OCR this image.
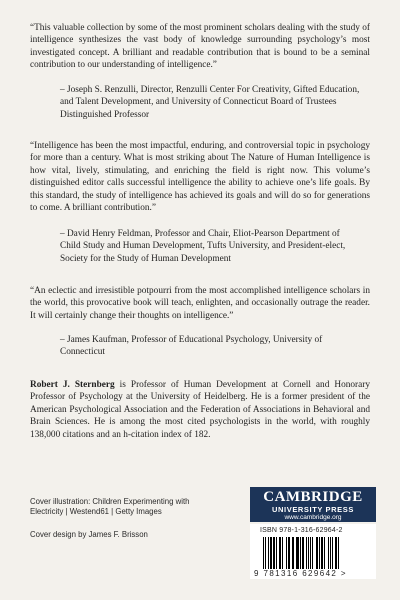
“This valuable collection by some of the most prominent scholars dealing with the study of intelligence synthesizes the vast body of knowledge surrounding psychology’s most investigated concept. A brilliant and readable contribution that is bound to be a seminal contribution to our understanding of intelligence.”
– Joseph S. Renzulli, Director, Renzulli Center For Creativity, Gifted Education, and Talent Development, and University of Connecticut Board of Trustees Distinguished Professor
“Intelligence has been the most impactful, enduring, and controversial topic in psychology for more than a century. What is most striking about The Nature of Human Intelligence is how vital, lively, stimulating, and enriching the field is right now. This volume’s distinguished editor calls successful intelligence the ability to achieve one’s life goals. By this standard, the study of intelligence has achieved its goals and will do so for generations to come. A brilliant contribution.”
– David Henry Feldman, Professor and Chair, Eliot-Pearson Department of Child Study and Human Development, Tufts University, and President-elect, Society for the Study of Human Development
“An eclectic and irresistible potpourri from the most accomplished intelligence scholars in the world, this provocative book will teach, enlighten, and occasionally outrage the reader. It will certainly change their thoughts on intelligence.”
– James Kaufman, Professor of Educational Psychology, University of Connecticut
Robert J. Sternberg is Professor of Human Development at Cornell and Honorary Professor of Psychology at the University of Heidelberg. He is a former president of the American Psychological Association and the Federation of Associations in Behavioral and Brain Sciences. He is among the most cited psychologists in the world, with roughly 138,000 citations and an h-citation index of 182.
Cover illustration: Children Experimenting with Electricity | Westend61 | Getty Images
Cover design by James F. Brisson
CAMBRIDGE
UNIVERSITY PRESS
www.cambridge.org
ISBN 978-1-316-62964-2
9 781316 629642 >
